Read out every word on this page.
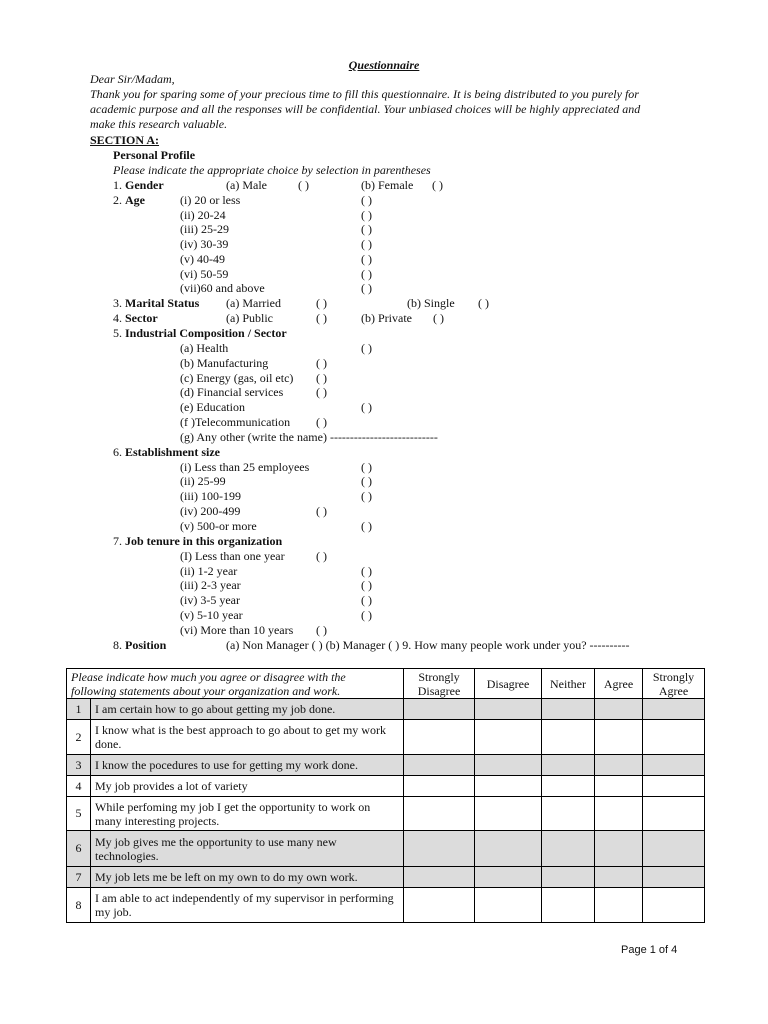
Questionnaire
Dear Sir/Madam,
Thank you for sparing some of your precious time to fill this questionnaire. It is being distributed to you purely for
academic purpose and all the responses will be confidential. Your unbiased choices will be highly appreciated and
make this research valuable.
SECTION A:
Personal Profile
Please indicate the appropriate choice by selection in parentheses
1. Gender	(a) Male	( )	(b) Female ( )
2. Age	(i) 20 or less	( )
(ii) 20-24	( )
(iii) 25-29	( )
(iv) 30-39	( )
(v) 40-49	( )
(vi) 50-59	( )
(vii)60 and above	( )
3. Marital Status (a) Married	( )	(b) Single ( )
4. Sector	(a) Public	( )	(b) Private ( )
5. Industrial Composition / Sector
(a) Health	( )
(b) Manufacturing	( )
(c) Energy (gas, oil etc) ( )
(d) Financial services	( )
(e) Education	( )
(f )Telecommunication ( )
(g) Any other (write the name) ---------------------------
6. Establishment size
(i) Less than 25 employees	( )
(ii) 25-99	( )
(iii) 100-199	( )
(iv) 200-499	( )
(v) 500-or more	( )
7. Job tenure in this organization
(I) Less than one year	( )
(ii) 1-2 year	( )
(iii) 2-3 year	( )
(iv) 3-5 year	( )
(v) 5-10 year	( )
(vi) More than 10 years ( )
8. Position	(a) Non Manager ( ) (b) Manager ( ) 9. How many people work under you? ----------
Please indicate how much you agree or disagree with the
following statements about your organization and work.		Strongly Disagree	Disagree	Neither	Agree	Strongly Agree
1	I am certain how to go about getting my job done.					
2	I know what is the best approach to go about to get my work done.					
3	I know the pocedures to use for getting my work done.					
4	My job provides a lot of variety					
5	While perfoming my job I get the opportunity to work on many interesting projects.					
6	My job gives me the opportunity to use many new technologies.					
7	My job lets me be left on my own to do my own work.					
8	I am able to act independently of my supervisor in performing my job.					
Page 1 of 4
